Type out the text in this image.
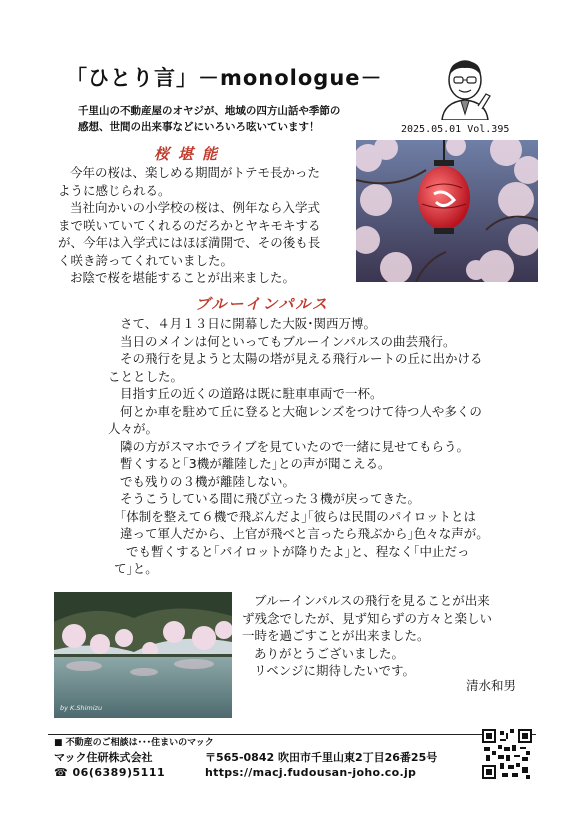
「ひとり言」－monologue－
千里山の不動産屋のオヤジが、地域の四方山話や季節の
感想、世間の出来事などにいろいろ呟いています！	2025.05.01 Vol.395
桜堪能
今年の桜は、楽しめる期間がトテモ長かった
ように感じられる。
当社向かいの小学校の桜は、例年なら入学式
まで咲いていてくれるのだろかとヤキモキする
が、今年は入学式にはほぼ満開で、その後も長
く咲き誇ってくれていました。
お陰で桜を堪能することが出来ました。
ブルーインパルス
さて、４月１３日に開幕した大阪･関西万博。
当日のメインは何といってもブルーインパルスの曲芸飛行。
その飛行を見ようと太陽の塔が見える飛行ルートの丘に出かける
こととした。
目指す丘の近くの道路は既に駐車車両で一杯。
何とか車を駐めて丘に登ると大砲レンズをつけて待つ人や多くの
人々が。
隣の方がスマホでライブを見ていたので一緒に見せてもらう。
暫くすると｢3機が離陸した｣との声が聞こえる。
でも残りの３機が離陸しない。
そうこうしている間に飛び立った３機が戻ってきた。
｢体制を整えて６機で飛ぶんだよ｣｢彼らは民間のパイロットとは
違って軍人だから、上官が飛べと言ったら飛ぶから｣色々な声が。
でも暫くすると｢パイロットが降りたよ｣と、程なく｢中止だっ
て｣と。
by K.Shimizu
ブルーインパルスの飛行を見ることが出来
ず残念でしたが、見ず知らずの方々と楽しい
一時を過ごすことが出来ました。
ありがとうございました。
リベンジに期待したいです。
清水和男
■ 不動産のご相談は･･･住まいのマック
マック住研株式会社
☎ 06(6389)5111
〒565-0842 吹田市千里山東2丁目26番25号
https://macj.fudousan-joho.co.jp
